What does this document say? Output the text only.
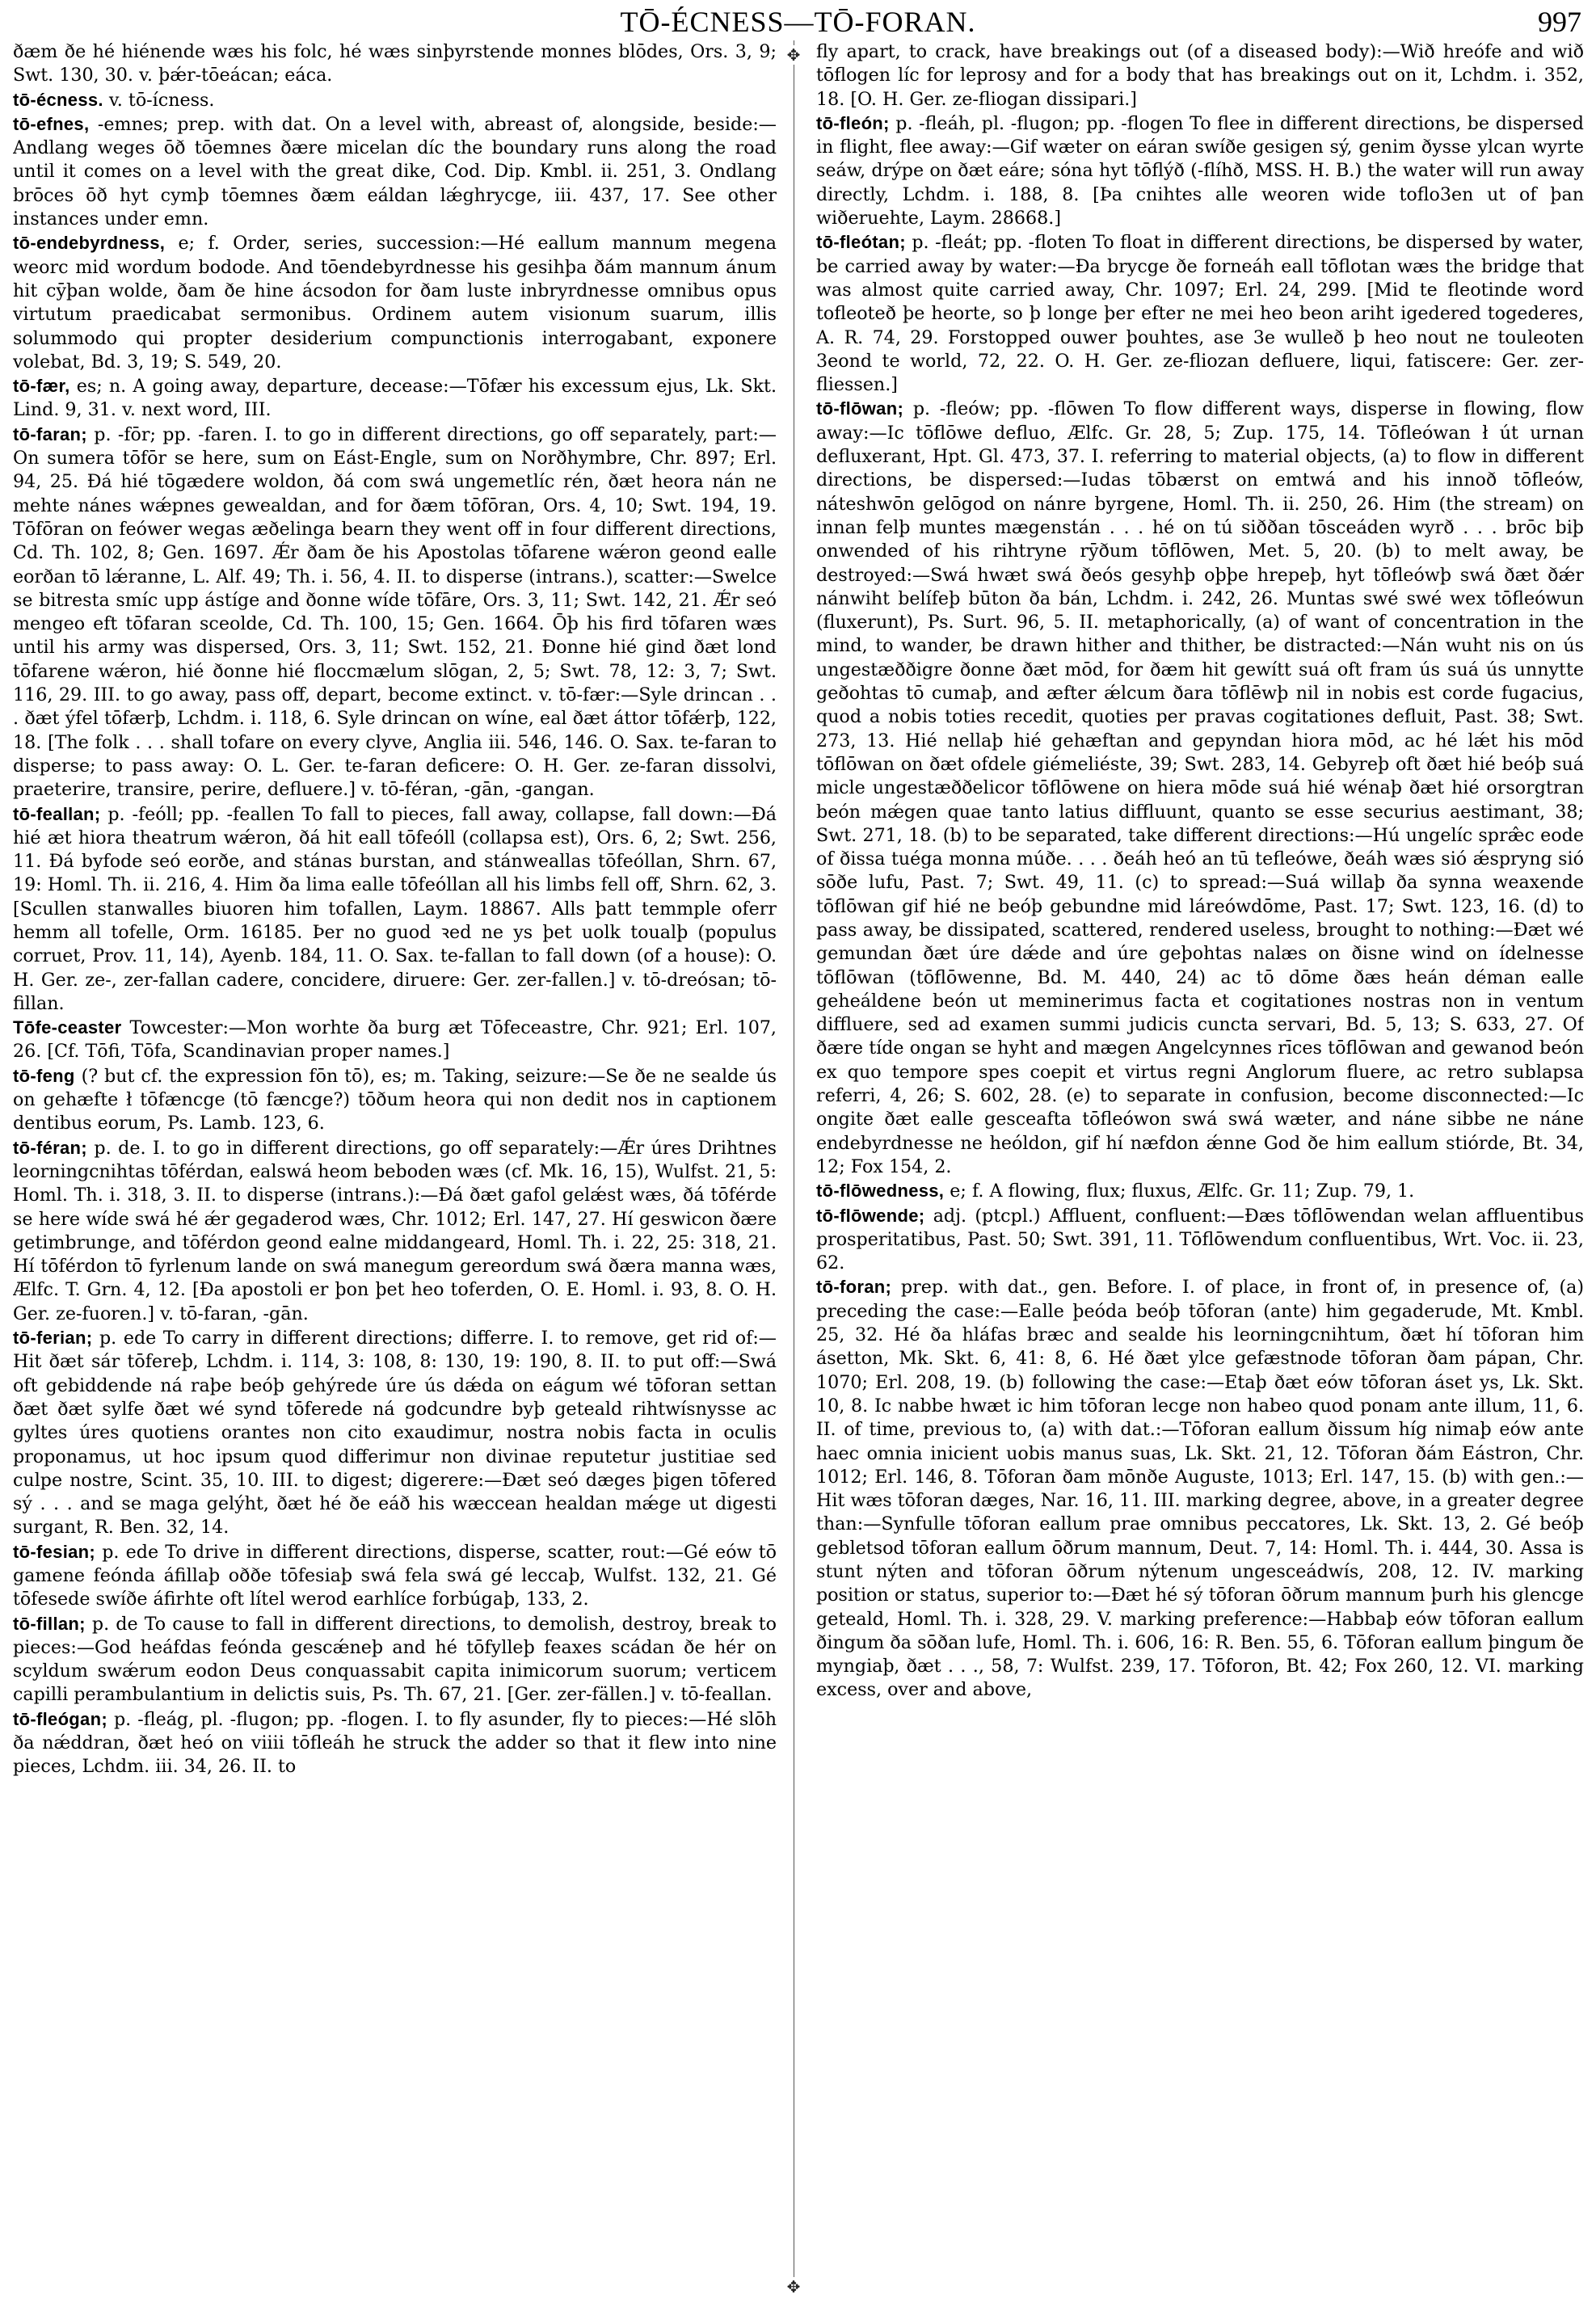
TŌ-ÉCNESS—TŌ-FORAN.	997
✥
✥

ðæm ðe hé hiénende wæs his folc, hé wæs sinþyrstende monnes blōdes, Ors. 3, 9; Swt. 130, 30. v. þǽr-tōeácan; eáca.

tō-écness. v. tō-ícness.

tō-efnes, -emnes; prep. with dat. On a level with, abreast of, alongside, beside:—Andlang weges ōð tōemnes ðære micelan díc the boundary runs along the road until it comes on a level with the great dike, Cod. Dip. Kmbl. ii. 251, 3. Ondlang brōces ōð hyt cymþ tōemnes ðæm eáldan lǽghrycge, iii. 437, 17. See other instances under emn.

tō-endebyrdness, e; f. Order, series, succession:—Hé eallum mannum megena weorc mid wordum bodode. And tōendebyrdnesse his gesihþa ðám mannum ánum hit cȳþan wolde, ðam ðe hine ácsodon for ðam luste inbryrdnesse omnibus opus virtutum praedicabat sermonibus. Ordinem autem visionum suarum, illis solummodo qui propter desiderium compunctionis interrogabant, exponere volebat, Bd. 3, 19; S. 549, 20.

tō-fær, es; n. A going away, departure, decease:—Tōfær his excessum ejus, Lk. Skt. Lind. 9, 31. v. next word, III.

tō-faran; p. -fōr; pp. -faren. I. to go in different directions, go off separately, part:—On sumera tōfōr se here, sum on Eást-Engle, sum on Norðhymbre, Chr. 897; Erl. 94, 25. Ðá hié tōgædere woldon, ðá com swá ungemetlíc rén, ðæt heora nán ne mehte nánes wǽpnes gewealdan, and for ðæm tōfōran, Ors. 4, 10; Swt. 194, 19. Tōfōran on feówer wegas æðelinga bearn they went off in four different directions, Cd. Th. 102, 8; Gen. 1697. Ǽr ðam ðe his Apostolas tōfarene wǽron geond ealle eorðan tō lǽranne, L. Alf. 49; Th. i. 56, 4. II. to disperse (intrans.), scatter:—Swelce se bitresta smíc upp ástíge and ðonne wíde tōfāre, Ors. 3, 11; Swt. 142, 21. Ǽr seó mengeo eft tōfaran sceolde, Cd. Th. 100, 15; Gen. 1664. Ōþ his fird tōfaren wæs until his army was dispersed, Ors. 3, 11; Swt. 152, 21. Ðonne hié gind ðæt lond tōfarene wǽron, hié ðonne hié floccmælum slōgan, 2, 5; Swt. 78, 12: 3, 7; Swt. 116, 29. III. to go away, pass off, depart, become extinct. v. tō-fær:—Syle drincan . . . ðæt ýfel tōfærþ, Lchdm. i. 118, 6. Syle drincan on wíne, eal ðæt áttor tōfǽrþ, 122, 18. [The folk . . . shall tofare on every clyve, Anglia iii. 546, 146. O. Sax. te-faran to disperse; to pass away: O. L. Ger. te-faran deficere: O. H. Ger. ze-faran dissolvi, praeterire, transire, perire, defluere.] v. tō-féran, -gān, -gangan.

tō-feallan; p. -feóll; pp. -feallen To fall to pieces, fall away, collapse, fall down:—Ðá hié æt hiora theatrum wǽron, ðá hit eall tōfeóll (collapsa est), Ors. 6, 2; Swt. 256, 11. Ðá byfode seó eorðe, and stánas burstan, and stánweallas tōfeóllan, Shrn. 67, 19: Homl. Th. ii. 216, 4. Him ða lima ealle tōfeóllan all his limbs fell off, Shrn. 62, 3. [Scullen stanwalles biuoren him tofallen, Laym. 18867. Alls þatt temmple oferr hemm all tofelle, Orm. 16185. Þer no guod ꝛed ne ys þet uolk toualþ (populus corruet, Prov. 11, 14), Ayenb. 184, 11. O. Sax. te-fallan to fall down (of a house): O. H. Ger. ze-, zer-fallan cadere, concidere, diruere: Ger. zer-fallen.] v. tō-dreósan; tō-fillan.

Tōfe-ceaster Towcester:—Mon worhte ða burg æt Tōfeceastre, Chr. 921; Erl. 107, 26. [Cf. Tōfi, Tōfa, Scandinavian proper names.]

tō-feng (? but cf. the expression fōn tō), es; m. Taking, seizure:—Se ðe ne sealde ús on gehæfte ł tōfæncge (tō fæncge?) tōðum heora qui non dedit nos in captionem dentibus eorum, Ps. Lamb. 123, 6.

tō-féran; p. de. I. to go in different directions, go off separately:—Ǽr úres Drihtnes leorningcnihtas tōférdan, ealswá heom beboden wæs (cf. Mk. 16, 15), Wulfst. 21, 5: Homl. Th. i. 318, 3. II. to disperse (intrans.):—Ðá ðæt gafol gelǽst wæs, ðá tōférde se here wíde swá hé ǽr gegaderod wæs, Chr. 1012; Erl. 147, 27. Hí geswicon ðære getimbrunge, and tōférdon geond ealne middangeard, Homl. Th. i. 22, 25: 318, 21. Hí tōférdon tō fyrlenum lande on swá manegum gereordum swá ðæra manna wæs, Ælfc. T. Grn. 4, 12. [Ða apostoli er þon þet heo toferden, O. E. Homl. i. 93, 8. O. H. Ger. ze-fuoren.] v. tō-faran, -gān.

tō-ferian; p. ede To carry in different directions; differre. I. to remove, get rid of:—Hit ðæt sár tōfereþ, Lchdm. i. 114, 3: 108, 8: 130, 19: 190, 8. II. to put off:—Swá oft gebiddende ná raþe beóþ gehýrede úre ús dǽda on eágum wé tōforan settan ðæt ðæt sylfe ðæt wé synd tōferede ná godcundre byþ geteald rihtwísnysse ac gyltes úres quotiens orantes non cito exaudimur, nostra nobis facta in oculis proponamus, ut hoc ipsum quod differimur non divinae reputetur justitiae sed culpe nostre, Scint. 35, 10. III. to digest; digerere:—Ðæt seó dæges þigen tōfered sý . . . and se maga gelýht, ðæt hé ðe eáð his wæccean healdan mǽge ut digesti surgant, R. Ben. 32, 14.

tō-fesian; p. ede To drive in different directions, disperse, scatter, rout:—Gé eów tō gamene feónda áfillaþ oððe tōfesiaþ swá fela swá gé leccaþ, Wulfst. 132, 21. Gé tōfesede swíðe áfirhte oft lítel werod earhlíce forbúgaþ, 133, 2.

tō-fillan; p. de To cause to fall in different directions, to demolish, destroy, break to pieces:—God heáfdas feónda gescǽneþ and hé tōfylleþ feaxes scádan ðe hér on scyldum swǽrum eodon Deus conquassabit capita inimicorum suorum; verticem capilli perambulantium in delictis suis, Ps. Th. 67, 21. [Ger. zer-fällen.] v. tō-feallan.

tō-fleógan; p. -fleág, pl. -flugon; pp. -flogen. I. to fly asunder, fly to pieces:—Hé slōh ða nǽddran, ðæt heó on viiii tōfleáh he struck the adder so that it flew into nine pieces, Lchdm. iii. 34, 26. II. to

fly apart, to crack, have breakings out (of a diseased body):—Wið hreófe and wið tōflogen líc for leprosy and for a body that has breakings out on it, Lchdm. i. 352, 18. [O. H. Ger. ze-fliogan dissipari.]

tō-fleón; p. -fleáh, pl. -flugon; pp. -flogen To flee in different directions, be dispersed in flight, flee away:—Gif wæter on eáran swíðe gesigen sý, genim ðysse ylcan wyrte seáw, drýpe on ðæt eáre; sóna hyt tōflýð (-flíhð, MSS. H. B.) the water will run away directly, Lchdm. i. 188, 8. [Þa cnihtes alle weoren wide toflo3en ut of þan wiðeruehte, Laym. 28668.]

tō-fleótan; p. -fleát; pp. -floten To float in different directions, be dispersed by water, be carried away by water:—Ða brycge ðe forneáh eall tōflotan wæs the bridge that was almost quite carried away, Chr. 1097; Erl. 24, 299. [Mid te fleotinde word tofleoteð þe heorte, so þ longe þer efter ne mei heo beon ariht igedered togederes, A. R. 74, 29. Forstopped ouwer þouhtes, ase 3e wulleð þ heo nout ne touleoten 3eond te world, 72, 22. O. H. Ger. ze-fliozan defluere, liqui, fatiscere: Ger. zer-fliessen.]

tō-flōwan; p. -fleów; pp. -flōwen To flow different ways, disperse in flowing, flow away:—Ic tōflōwe defluo, Ælfc. Gr. 28, 5; Zup. 175, 14. Tōfleówan ł út urnan defluxerant, Hpt. Gl. 473, 37. I. referring to material objects, (a) to flow in different directions, be dispersed:—Iudas tōbærst on emtwá and his innoð tōfleów, náteshwōn gelōgod on nánre byrgene, Homl. Th. ii. 250, 26. Him (the stream) on innan felþ muntes mægenstán . . . hé on tú siððan tōsceáden wyrð . . . brōc biþ onwended of his rihtryne rȳðum tōflōwen, Met. 5, 20. (b) to melt away, be destroyed:—Swá hwæt swá ðeós gesyhþ oþþe hrepeþ, hyt tōfleówþ swá ðæt ðǽr nánwiht belífeþ būton ða bán, Lchdm. i. 242, 26. Muntas swé swé wex tōfleówun (fluxerunt), Ps. Surt. 96, 5. II. metaphorically, (a) of want of concentration in the mind, to wander, be drawn hither and thither, be distracted:—Nán wuht nis on ús ungestæððigre ðonne ðæt mōd, for ðæm hit gewítt suá oft fram ús suá ús unnytte geðohtas tō cumaþ, and æfter ǽlcum ðara tōflēwþ nil in nobis est corde fugacius, quod a nobis toties recedit, quoties per pravas cogitationes defluit, Past. 38; Swt. 273, 13. Hié nellaþ hié gehæftan and gepyndan hiora mōd, ac hé lǽt his mōd tōflōwan on ðæt ofdele giémeliéste, 39; Swt. 283, 14. Gebyreþ oft ðæt hié beóþ suá micle ungestæððelicor tōflōwene on hiera mōde suá hié wénaþ ðæt hié orsorgtran beón mǽgen quae tanto latius diffluunt, quanto se esse securius aestimant, 38; Swt. 271, 18. (b) to be separated, take different directions:—Hú ungelíc spræ̂c eode of ðissa tuéga monna múðe. . . . ðeáh heó an tū tefleówe, ðeáh wæs sió ǽspryng sió sōðe lufu, Past. 7; Swt. 49, 11. (c) to spread:—Suá willaþ ða synna weaxende tōflōwan gif hié ne beóþ gebundne mid láreówdōme, Past. 17; Swt. 123, 16. (d) to pass away, be dissipated, scattered, rendered useless, brought to nothing:—Ðæt wé gemundan ðæt úre dǽde and úre geþohtas nalæs on ðisne wind on ídelnesse tōflōwan (tōflōwenne, Bd. M. 440, 24) ac tō dōme ðæs heán déman ealle geheáldene beón ut meminerimus facta et cogitationes nostras non in ventum diffluere, sed ad examen summi judicis cuncta servari, Bd. 5, 13; S. 633, 27. Of ðære tíde ongan se hyht and mægen Angelcynnes rīces tōflōwan and gewanod beón ex quo tempore spes coepit et virtus regni Anglorum fluere, ac retro sublapsa referri, 4, 26; S. 602, 28. (e) to separate in confusion, become disconnected:—Ic ongite ðæt ealle gesceafta tōfleówon swá swá wæter, and náne sibbe ne náne endebyrdnesse ne heóldon, gif hí næfdon ǽnne God ðe him eallum stiórde, Bt. 34, 12; Fox 154, 2.

tō-flōwedness, e; f. A flowing, flux; fluxus, Ælfc. Gr. 11; Zup. 79, 1.

tō-flōwende; adj. (ptcpl.) Affluent, confluent:—Ðæs tōflōwendan welan affluentibus prosperitatibus, Past. 50; Swt. 391, 11. Tōflōwendum confluentibus, Wrt. Voc. ii. 23, 62.

tō-foran; prep. with dat., gen. Before. I. of place, in front of, in presence of, (a) preceding the case:—Ealle þeóda beóþ tōforan (ante) him gegaderude, Mt. Kmbl. 25, 32. Hé ða hláfas bræc and sealde his leorningcnihtum, ðæt hí tōforan him ásetton, Mk. Skt. 6, 41: 8, 6. Hé ðæt ylce gefæstnode tōforan ðam pápan, Chr. 1070; Erl. 208, 19. (b) following the case:—Etaþ ðæt eów tōforan áset ys, Lk. Skt. 10, 8. Ic nabbe hwæt ic him tōforan lecge non habeo quod ponam ante illum, 11, 6. II. of time, previous to, (a) with dat.:—Tōforan eallum ðissum híg nimaþ eów ante haec omnia inicient uobis manus suas, Lk. Skt. 21, 12. Tōforan ðám Eástron, Chr. 1012; Erl. 146, 8. Tōforan ðam mōnðe Auguste, 1013; Erl. 147, 15. (b) with gen.:—Hit wæs tōforan dæges, Nar. 16, 11. III. marking degree, above, in a greater degree than:—Synfulle tōforan eallum prae omnibus peccatores, Lk. Skt. 13, 2. Gé beóþ gebletsod tōforan eallum ōðrum mannum, Deut. 7, 14: Homl. Th. i. 444, 30. Assa is stunt nýten and tōforan ōðrum nýtenum ungesceádwís, 208, 12. IV. marking position or status, superior to:—Ðæt hé sý tōforan ōðrum mannum þurh his glencge geteald, Homl. Th. i. 328, 29. V. marking preference:—Habbaþ eów tōforan eallum ðingum ða sōðan lufe, Homl. Th. i. 606, 16: R. Ben. 55, 6. Tōforan eallum þingum ðe myngiaþ, ðæt . . ., 58, 7: Wulfst. 239, 17. Tōforon, Bt. 42; Fox 260, 12. VI. marking excess, over and above,
